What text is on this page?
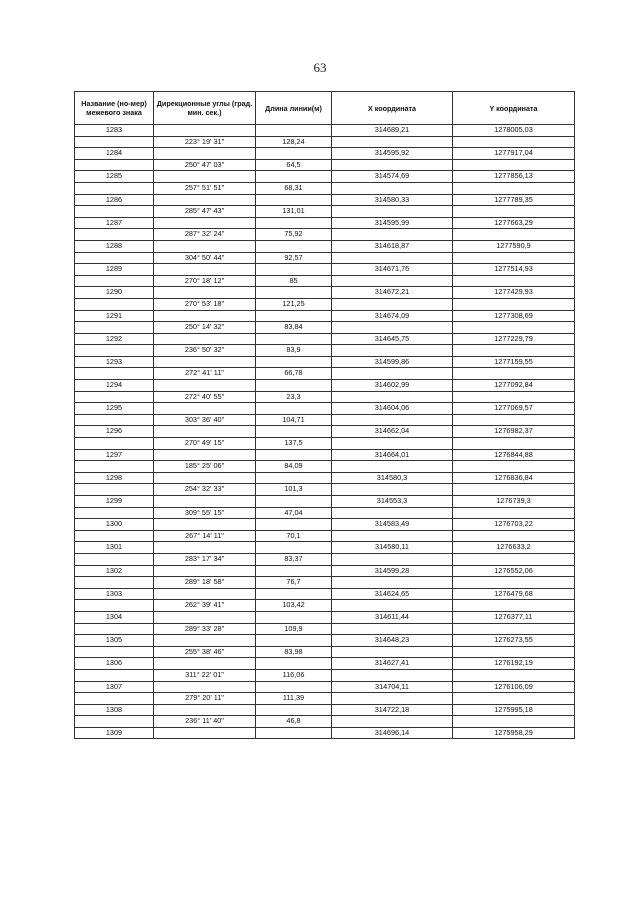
63
Название (но-мер) межевого знака	Дирекционные углы (град. мин. сек.)	Длина линии(м)	X координата	Y координата
1283			314689,21	1278005,03
	223° 19' 31"	128,24		
1284			314595,92	1277917,04
	250° 47' 03"	64,5		
1285			314574,69	1277856,13
	257° 51' 51"	68,31		
1286			314580,33	1277789,35
	285° 47' 43"	131,01		
1287			314595,99	1277663,29
	287° 32' 24"	75,92		
1288			314618,87	1277590,9
	304° 50' 44"	92,57		
1289			314671,76	1277514,93
	270° 18' 12"	85		
1290			314672,21	1277429,93
	270° 53' 18"	121,25		
1291			314674,09	1277308,69
	250° 14' 32"	83,84		
1292			314645,75	1277229,79
	236° 50' 32"	83,9		
1293			314599,86	1277159,55
	272° 41' 11"	66,78		
1294			314602,99	1277092,84
	272° 40' 55"	23,3		
1295			314604,06	1277069,57
	303° 36' 40"	104,71		
1296			314662,04	1276982,37
	270° 49' 15"	137,5		
1297			314664,01	1276844,88
	185° 25' 06"	84,09		
1298			314580,3	1276836,84
	254° 32' 33"	101,3		
1299			314553,3	1276739,3
	309° 55' 15"	47,04		
1300			314583,49	1276703,22
	267° 14' 11"	70,1		
1301			314580,11	1276633,2
	283° 17' 34"	83,37		
1302			314599,28	1276552,06
	289° 18' 58"	76,7		
1303			314624,65	1276479,68
	262° 39' 41"	103,42		
1304			314611,44	1276377,11
	289° 33' 28"	109,9		
1305			314648,23	1276273,55
	255° 38' 46"	83,98		
1306			314627,41	1276192,19
	311° 22' 01"	116,06		
1307			314704,11	1276106,09
	279° 20' 11"	111,39		
1308			314722,18	1275995,18
	236° 11' 40"	46,8		
1309			314696,14	1275958,29
